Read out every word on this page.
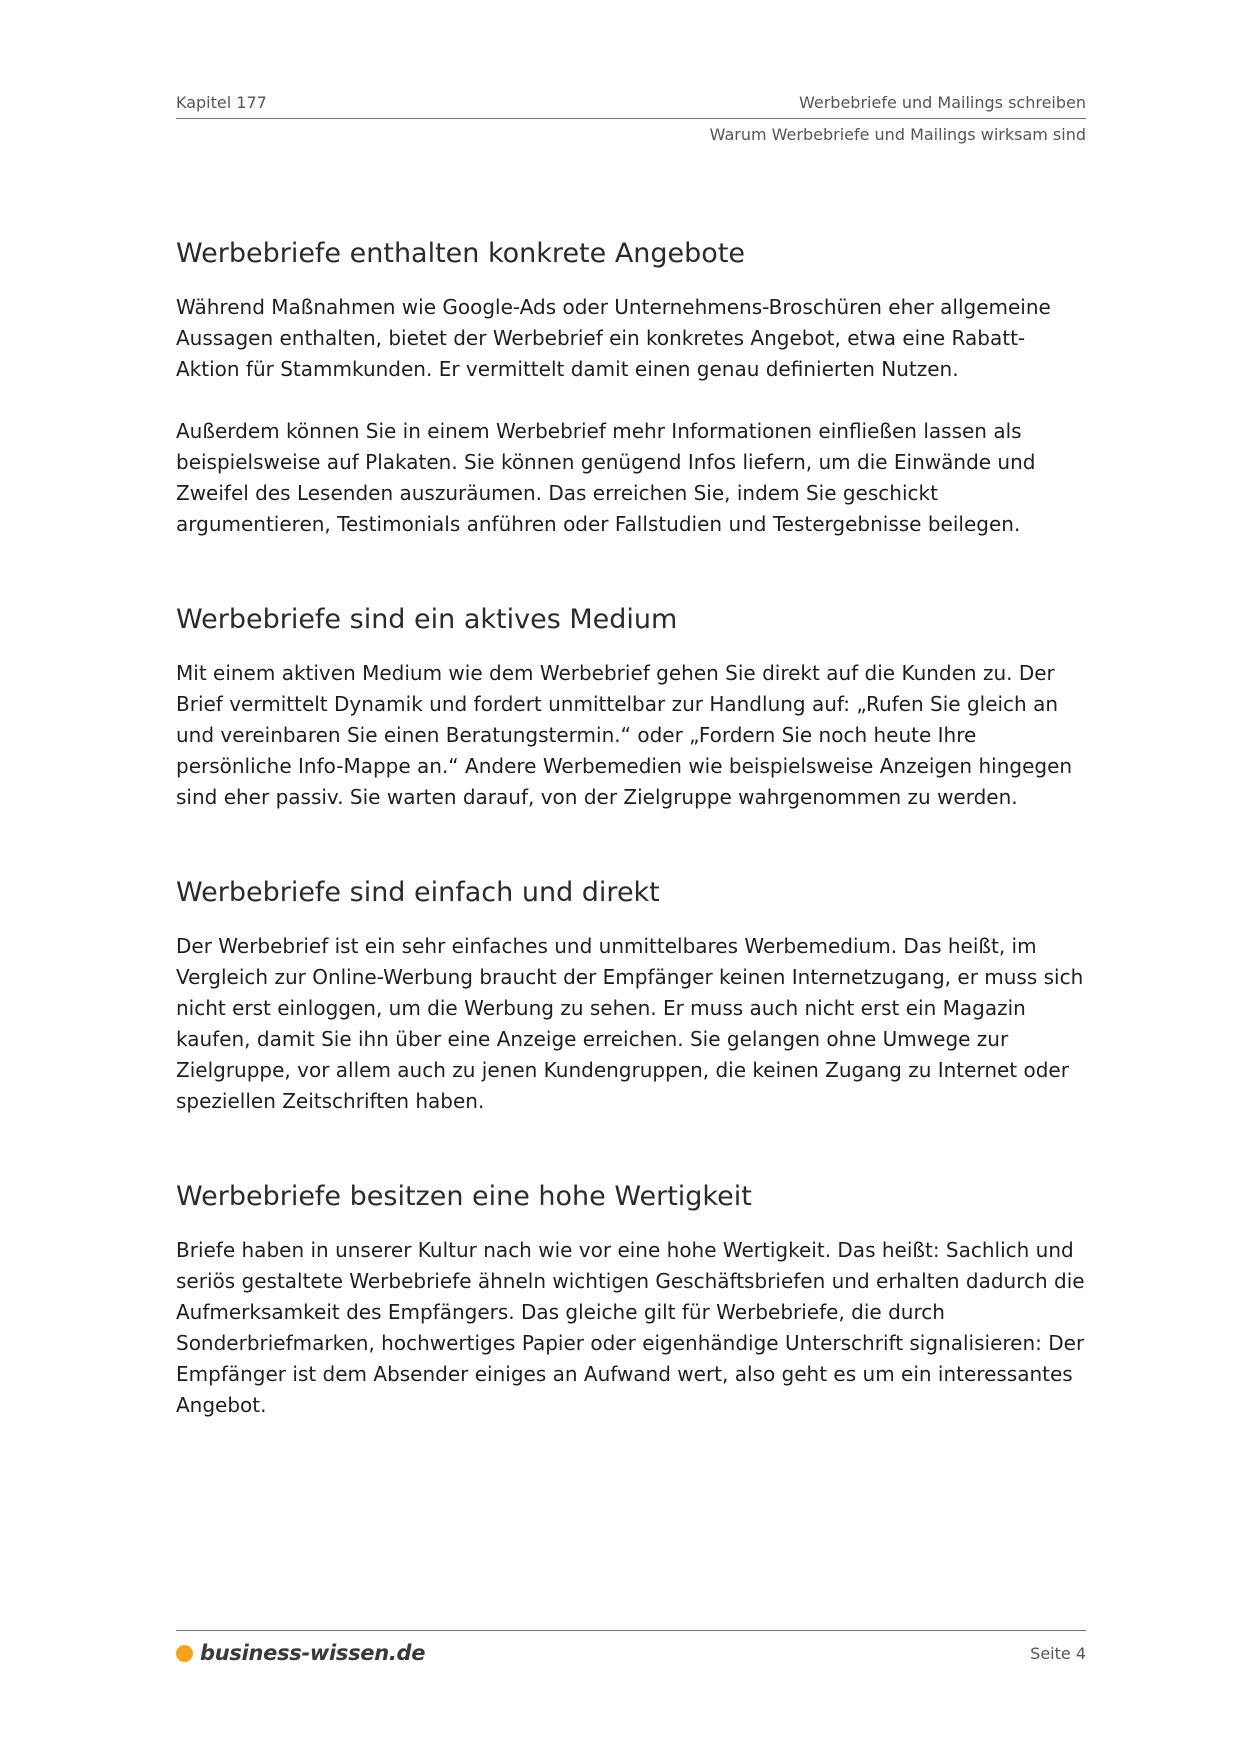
Kapitel 177	Werbebriefe und Mailings schreiben
Warum Werbebriefe und Mailings wirksam sind
Werbebriefe enthalten konkrete Angebote

Während Maßnahmen wie Google-Ads oder Unternehmens-Broschüren eher allgemeine Aussagen enthalten, bietet der Werbebrief ein konkretes Angebot, etwa eine Rabatt-Aktion für Stammkunden. Er vermittelt damit einen genau definierten Nutzen.

Außerdem können Sie in einem Werbebrief mehr Informationen einfließen lassen als beispielsweise auf Plakaten. Sie können genügend Infos liefern, um die Einwände und Zweifel des Lesenden auszuräumen. Das erreichen Sie, indem Sie geschickt argumentieren, Testimonials anführen oder Fallstudien und Testergebnisse beilegen.

Werbebriefe sind ein aktives Medium

Mit einem aktiven Medium wie dem Werbebrief gehen Sie direkt auf die Kunden zu. Der Brief vermittelt Dynamik und fordert unmittelbar zur Handlung auf: „Rufen Sie gleich an und vereinbaren Sie einen Beratungstermin.“ oder „Fordern Sie noch heute Ihre persönliche Info-Mappe an.“ Andere Werbemedien wie beispielsweise Anzeigen hingegen sind eher passiv. Sie warten darauf, von der Zielgruppe wahrgenommen zu werden.

Werbebriefe sind einfach und direkt

Der Werbebrief ist ein sehr einfaches und unmittelbares Werbemedium. Das heißt, im Vergleich zur Online-Werbung braucht der Empfänger keinen Internetzugang, er muss sich nicht erst einloggen, um die Werbung zu sehen. Er muss auch nicht erst ein Magazin kaufen, damit Sie ihn über eine Anzeige erreichen. Sie gelangen ohne Umwege zur Zielgruppe, vor allem auch zu jenen Kundengruppen, die keinen Zugang zu Internet oder speziellen Zeitschriften haben.

Werbebriefe besitzen eine hohe Wertigkeit

Briefe haben in unserer Kultur nach wie vor eine hohe Wertigkeit. Das heißt: Sachlich und seriös gestaltete Werbebriefe ähneln wichtigen Geschäftsbriefen und erhalten dadurch die Aufmerksamkeit des Empfängers. Das gleiche gilt für Werbebriefe, die durch Sonderbriefmarken, hochwertiges Papier oder eigenhändige Unterschrift signalisieren: Der Empfänger ist dem Absender einiges an Aufwand wert, also geht es um ein interessantes Angebot.

business-wissen.de	Seite 4
